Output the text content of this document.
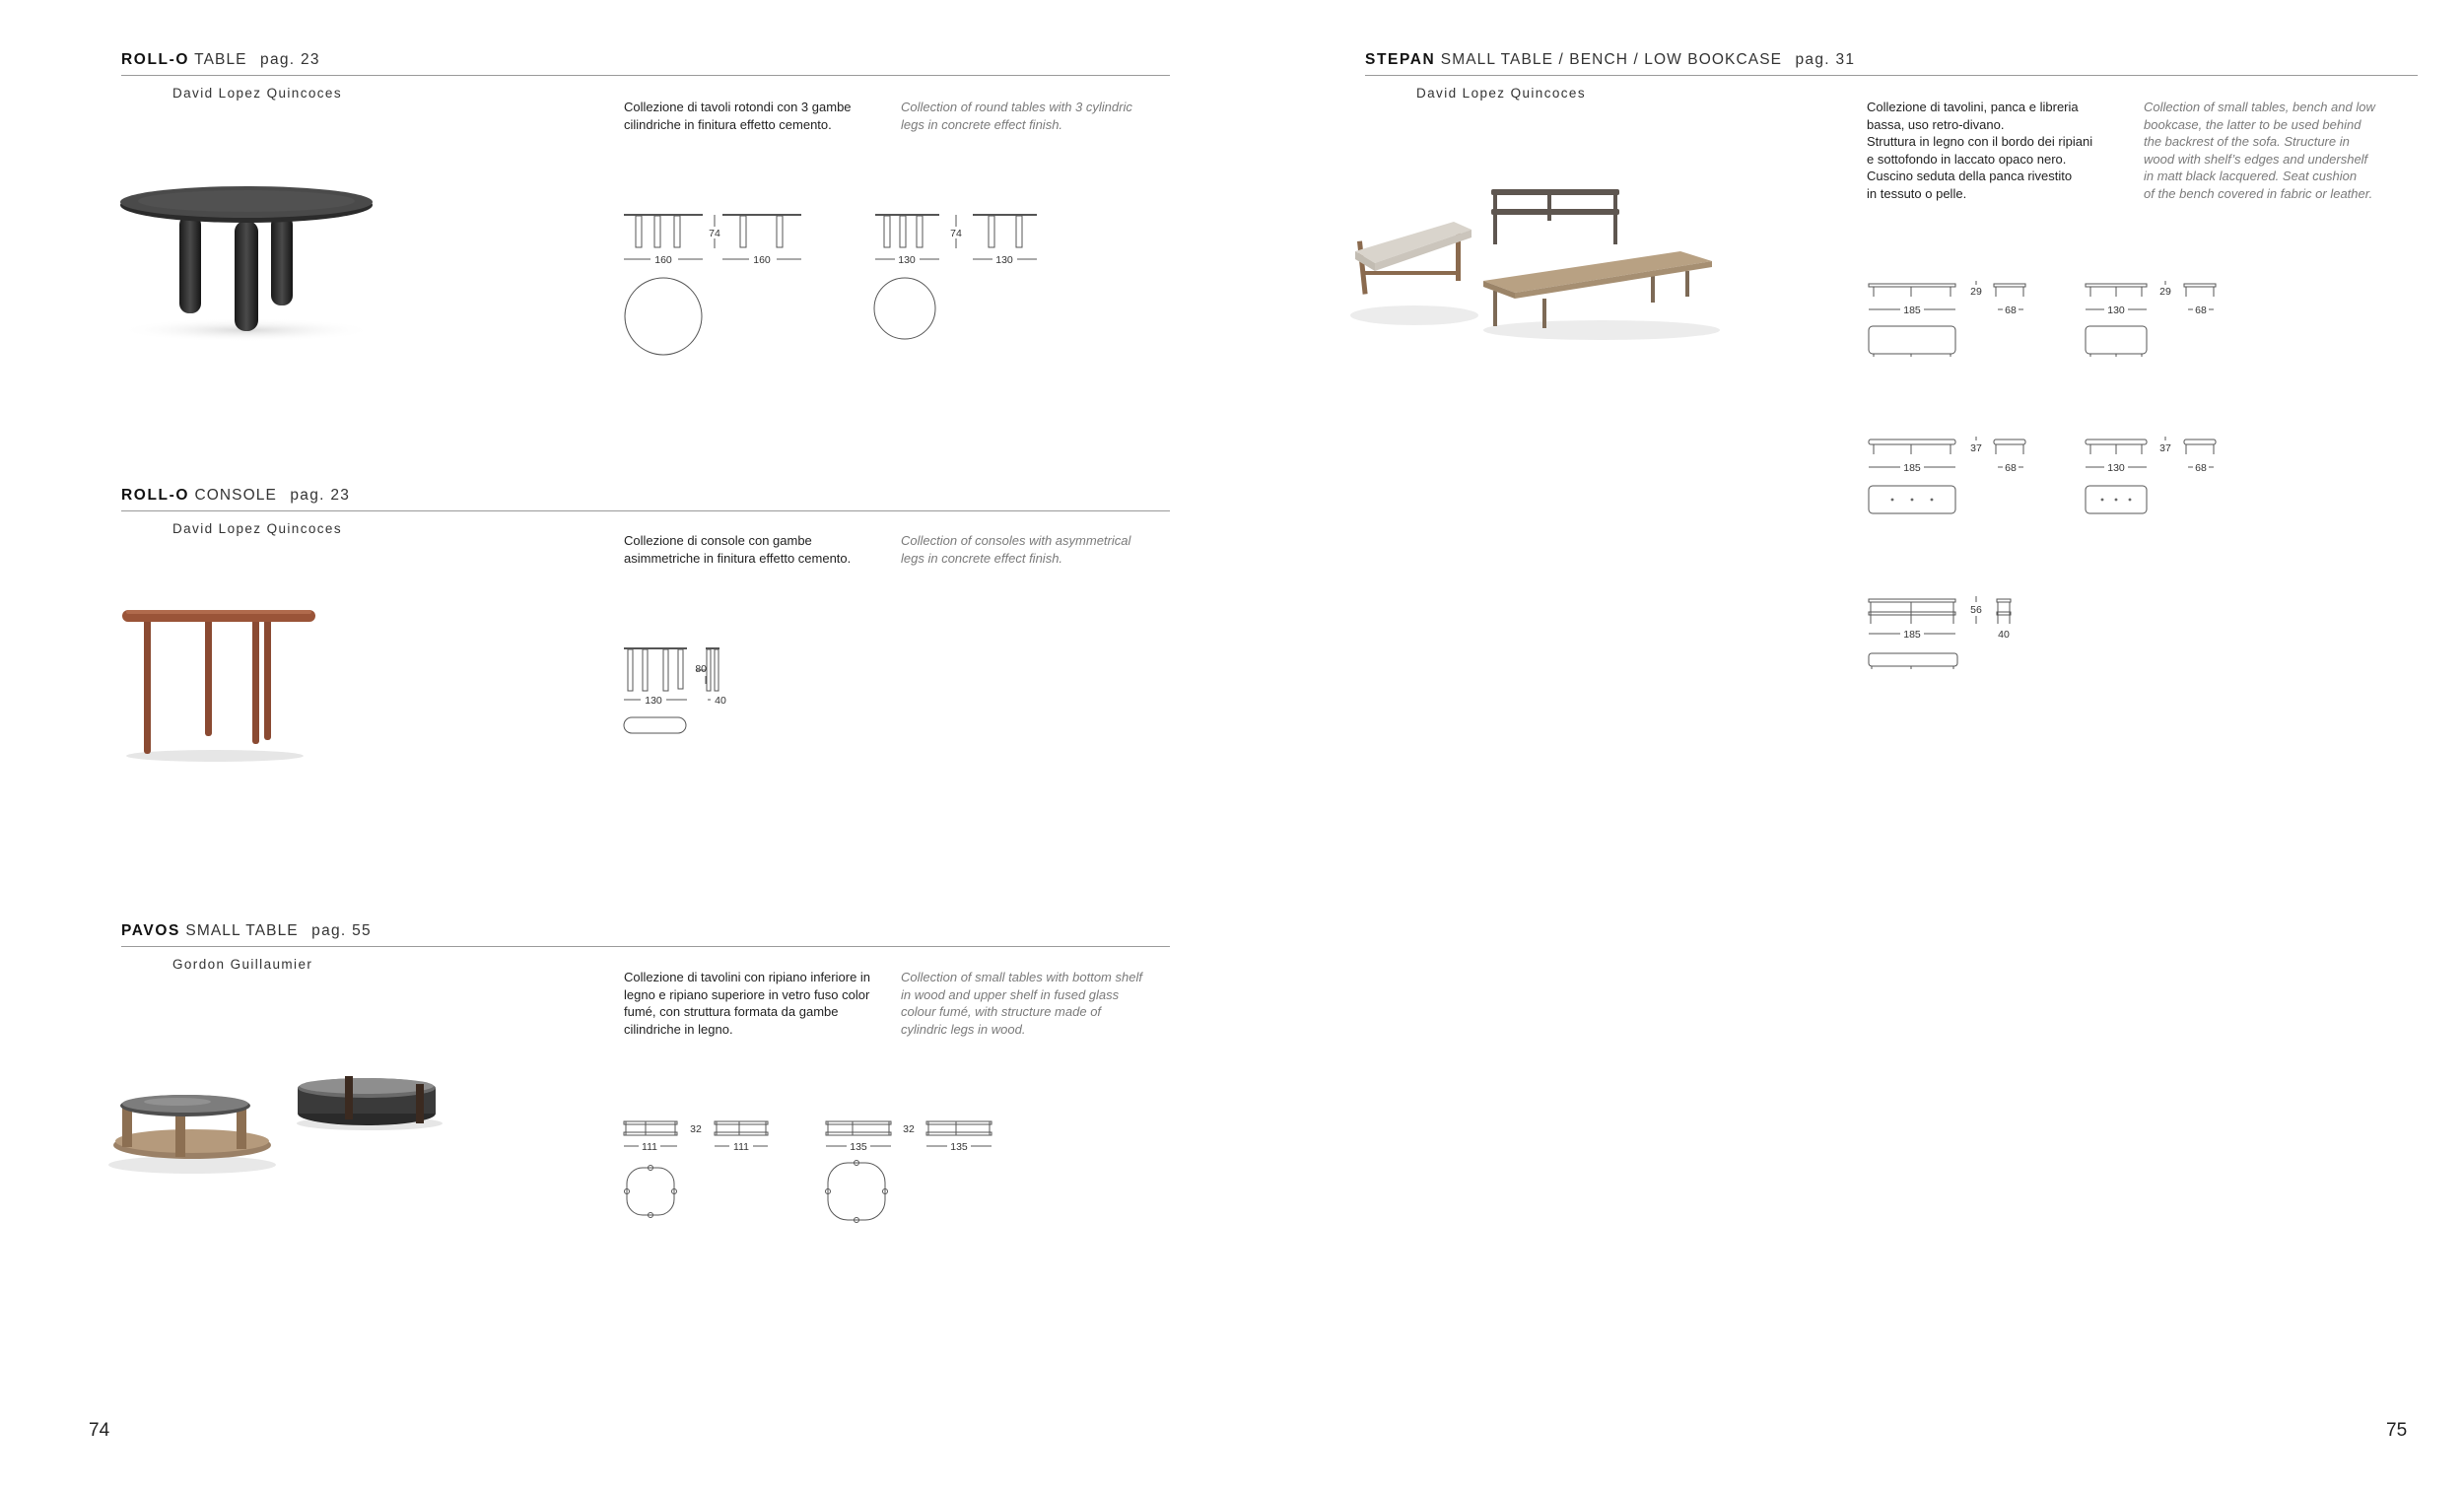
ROLL-O TABLE pag. 23
David Lopez Quincoces
Collezione di tavoli rotondi con 3 gambe cilindriche in finitura effetto cemento.
Collection of round tables with 3 cylindric legs in concrete effect finish.
74
160	160
74
130	130
ROLL-O CONSOLE pag. 23
David Lopez Quincoces
Collezione di console con gambe asimmetriche in finitura effetto cemento.
Collection of consoles with asymmetrical legs in concrete effect finish.
80
130	40
PAVOS SMALL TABLE pag. 55
Gordon Guillaumier
Collezione di tavolini con ripiano inferiore in legno e ripiano superiore in vetro fuso color fumé, con struttura formata da gambe cilindriche in legno.
Collection of small tables with bottom shelf in wood and upper shelf in fused glass colour fumé, with structure made of cylindric legs in wood.
32
111	111
32
135	135
STEPAN SMALL TABLE / BENCH / LOW BOOKCASE pag. 31
David Lopez Quincoces
Collezione di tavolini, panca e libreria
bassa, uso retro-divano.
Struttura in legno con il bordo dei ripiani
e sottofondo in laccato opaco nero.
Cuscino seduta della panca rivestito
in tessuto o pelle.
Collection of small tables, bench and low
bookcase, the latter to be used behind
the backrest of the sofa. Structure in
wood with shelf’s edges and undershelf
in matt black lacquered. Seat cushion
of the bench covered in fabric or leather.
29
185	68
29
130	68
37
185	68
37
130	68
56
185	40
74	75
